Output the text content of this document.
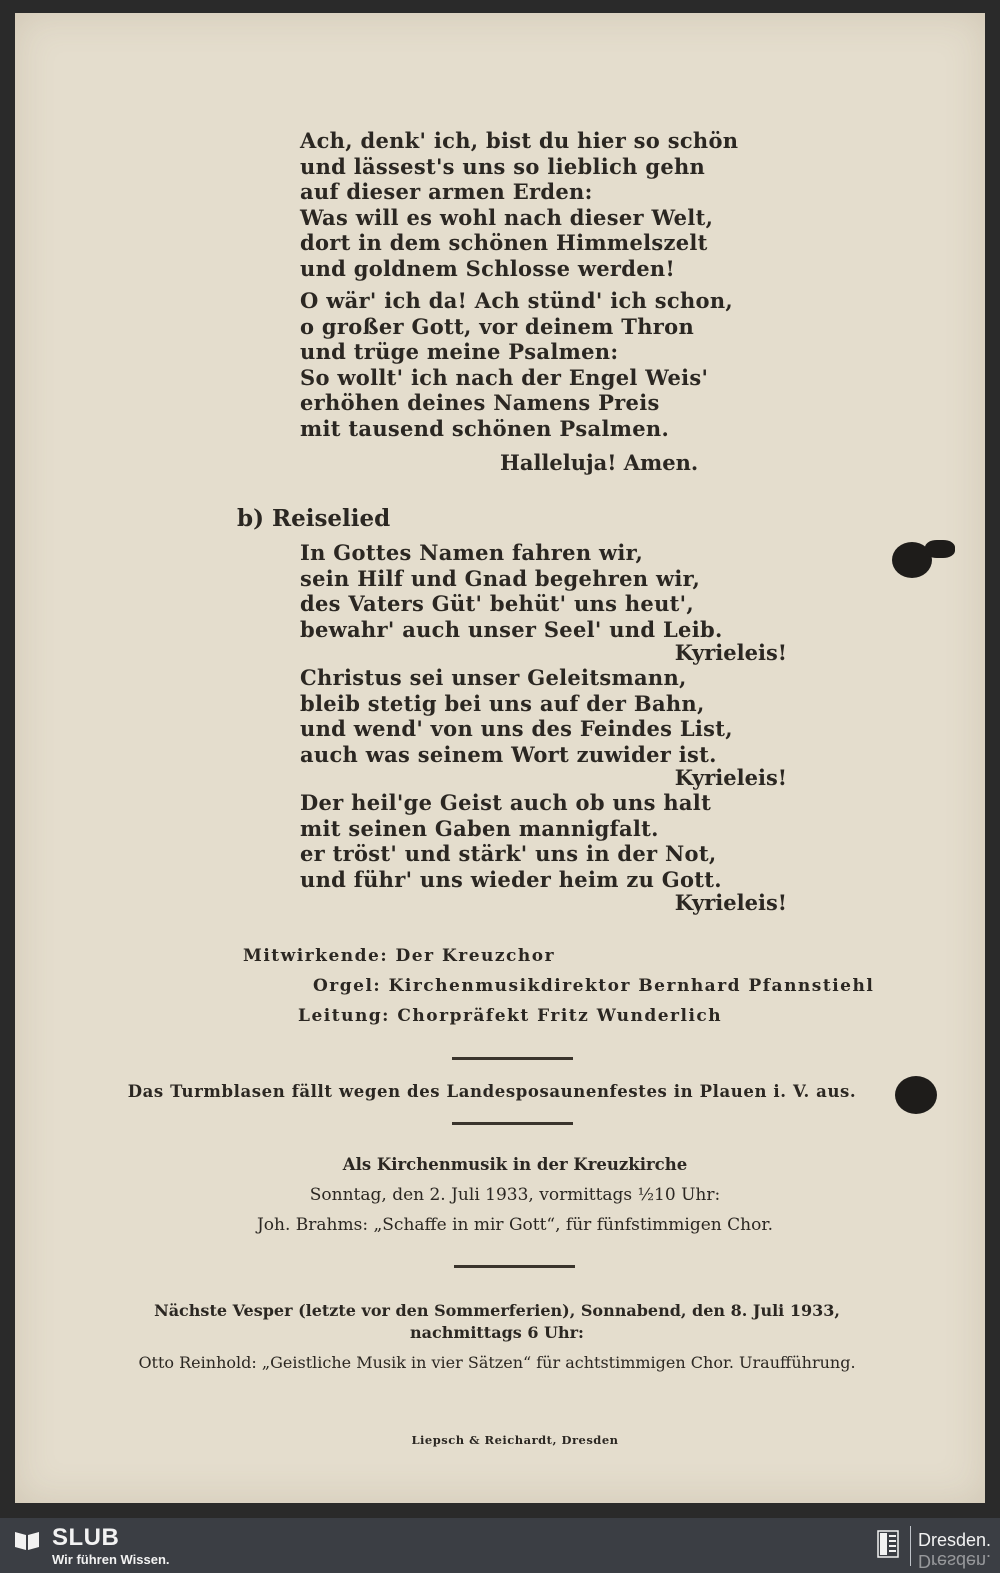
Ach, denk' ich, bist du hier so schön
und lässest's uns so lieblich gehn
auf dieser armen Erden:
Was will es wohl nach dieser Welt,
dort in dem schönen Himmelszelt
und goldnem Schlosse werden!
O wär' ich da! Ach stünd' ich schon,
o großer Gott, vor deinem Thron
und trüge meine Psalmen:
So wollt' ich nach der Engel Weis'
erhöhen deines Namens Preis
mit tausend schönen Psalmen.
Halleluja! Amen.
b) Reiselied
In Gottes Namen fahren wir,
sein Hilf und Gnad begehren wir,
des Vaters Güt' behüt' uns heut',
bewahr' auch unser Seel' und Leib.
Kyrieleis!
Christus sei unser Geleitsmann,
bleib stetig bei uns auf der Bahn,
und wend' von uns des Feindes List,
auch was seinem Wort zuwider ist.
Kyrieleis!
Der heil'ge Geist auch ob uns halt
mit seinen Gaben mannigfalt.
er tröst' und stärk' uns in der Not,
und führ' uns wieder heim zu Gott.
Kyrieleis!
Mitwirkende: Der Kreuzchor
Orgel: Kirchenmusikdirektor Bernhard Pfannstiehl
Leitung: Chorpräfekt Fritz Wunderlich
Das Turmblasen fällt wegen des Landesposaunenfestes in Plauen i. V. aus.
Als Kirchenmusik in der Kreuzkirche
Sonntag, den 2. Juli 1933, vormittags ½10 Uhr:
Joh. Brahms: „Schaffe in mir Gott“, für fünfstimmigen Chor.
Nächste Vesper (letzte vor den Sommerferien), Sonnabend, den 8. Juli 1933,
nachmittags 6 Uhr:
Otto Reinhold: „Geistliche Musik in vier Sätzen“ für achtstimmigen Chor. Uraufführung.
Liepsch & Reichardt, Dresden
SLUB
Wir führen Wissen.
Dresden.
Dresden.
